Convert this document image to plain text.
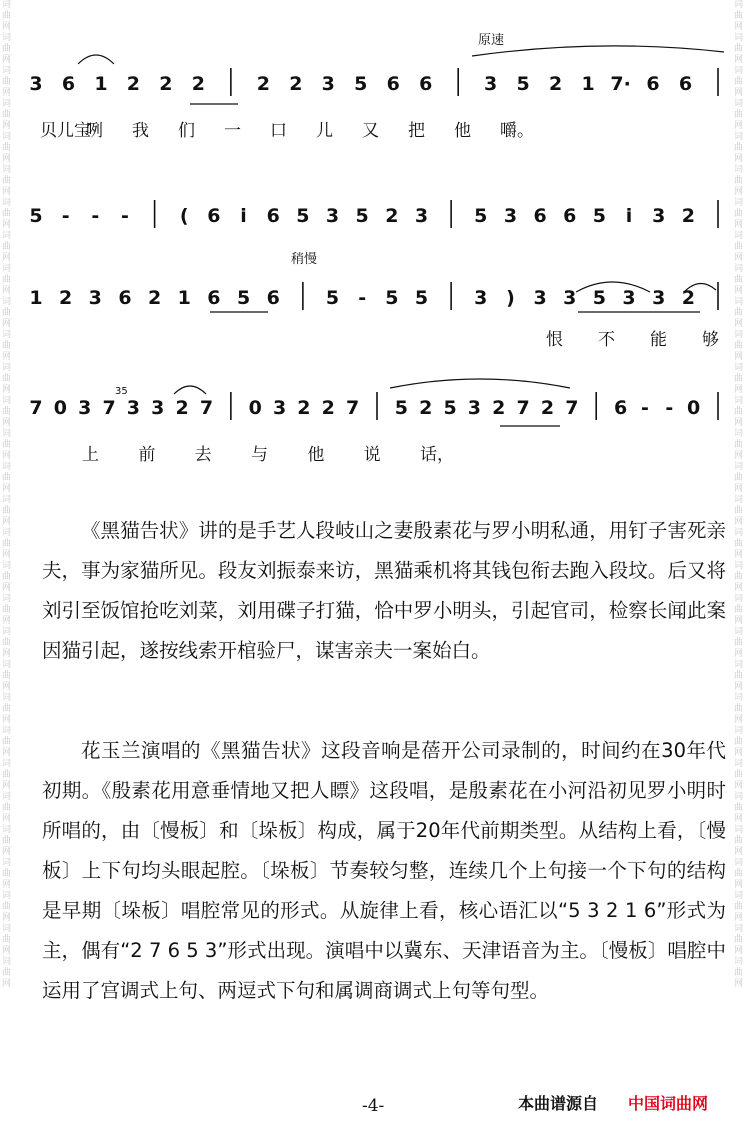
词曲网词曲网词曲网词曲网词曲网词曲网词曲网词曲网词曲网词曲网词曲网词曲网词曲网词曲网词曲网词曲网词曲网词曲网词曲网词曲网词曲网词曲网词曲网词曲网词曲网词曲网词曲网词曲网词曲网词曲网
词曲网词曲网词曲网词曲网词曲网词曲网词曲网词曲网词曲网词曲网词曲网词曲网词曲网词曲网词曲网词曲网词曲网词曲网词曲网词曲网词曲网词曲网词曲网词曲网词曲网词曲网词曲网词曲网词曲网词曲网
原速
稍慢
3 6 1 2 2 2	2 2 3 5 6 6	3 5 2 1 7· 6 6
5 - - -	( 6 i 6 5 3 5 2 3 5 3 6 6 5 i 3 2
1 2 3 6 2 1 6 5 6 5 - 5 5 3 ) 3 3 5 3 3 2
7 0 3 7 3 3 2 7 0 3 2 2 7 5 2 5 3 2 7 2 7 6 - - 0
35
贝儿宝
咧 我 们 一 口 儿 又 把 他 嚼。
恨 不 能 够
上 前 去 与 他 说 话，

《黑猫告状》讲的是手艺人段岐山之妻殷素花与罗小明私通，用钉子害死亲夫，事为家猫所见。段友刘振泰来访，黑猫乘机将其钱包衔去跑入段坟。后又将刘引至饭馆抢吃刘菜，刘用碟子打猫，恰中罗小明头，引起官司，检察长闻此案因猫引起，遂按线索开棺验尸，谋害亲夫一案始白。

花玉兰演唱的《黑猫告状》这段音响是蓓开公司录制的，时间约在30年代初期。《殷素花用意垂情地又把人瞟》这段唱，是殷素花在小河沿初见罗小明时所唱的，由〔慢板〕和〔垛板〕构成，属于20年代前期类型。从结构上看，〔慢板〕上下句均头眼起腔。〔垛板〕节奏较匀整，连续几个上句接一个下句的结构是早期〔垛板〕唱腔常见的形式。从旋律上看，核心语汇以“5 3 2 1 6”形式为主，偶有“2 7 6 5 3”形式出现。演唱中以冀东、天津语音为主。〔慢板〕唱腔中运用了宫调式上句、两逗式下句和属调商调式上句等句型。

-4-	本曲谱源自 中国词曲网
